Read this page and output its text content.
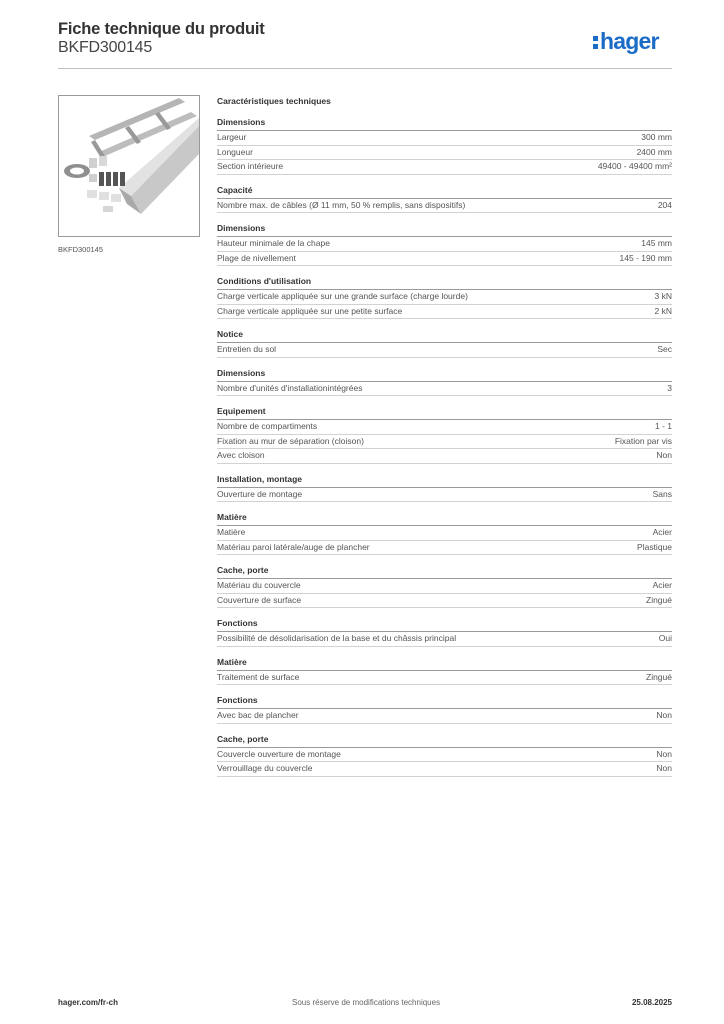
Fiche technique du produit
BKFD300145	hager
BKFD300145
Caractéristiques techniques
Dimensions
Largeur	300 mm
Longueur	2400 mm
Section intérieure	49400 - 49400 mm²
Capacité
Nombre max. de câbles (Ø 11 mm, 50 % remplis, sans dispositifs)	204
Dimensions
Hauteur minimale de la chape	145 mm
Plage de nivellement	145 - 190 mm
Conditions d'utilisation
Charge verticale appliquée sur une grande surface (charge lourde)	3 kN
Charge verticale appliquée sur une petite surface	2 kN
Notice
Entretien du sol	Sec
Dimensions
Nombre d'unités d'installationintégrées	3
Equipement
Nombre de compartiments	1 - 1
Fixation au mur de séparation (cloison)	Fixation par vis
Avec cloison	Non
Installation, montage
Ouverture de montage	Sans
Matière
Matière	Acier
Matériau paroi latérale/auge de plancher	Plastique
Cache, porte
Matériau du couvercle	Acier
Couverture de surface	Zingué
Fonctions
Possibilité de désolidarisation de la base et du châssis principal	Oui
Matière
Traitement de surface	Zingué
Fonctions
Avec bac de plancher	Non
Cache, porte
Couvercle ouverture de montage	Non
Verrouillage du couvercle	Non
hager.com/fr-ch	Sous réserve de modifications techniques	25.08.2025
